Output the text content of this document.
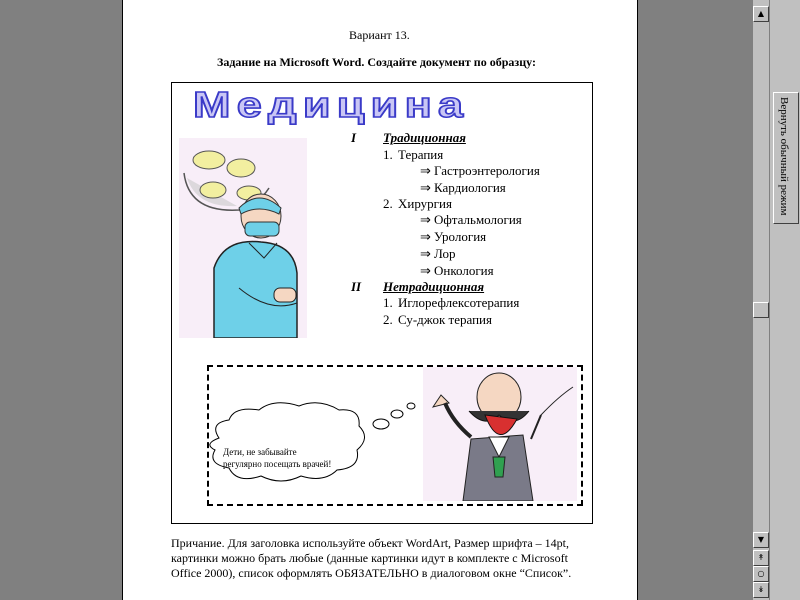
Вариант 13.
Задание на Microsoft Word. Создайте документ по образцу:
Медицина
I Традиционная
1. Терапия
⇒ Гастроэнтерология
⇒ Кардиология
2. Хирургия
⇒ Офтальмология
⇒ Урология
⇒ Лор
⇒ Онкология
II Нетрадиционная
1. Иглорефлексотерапия
2. Су-джок терапия
Дети, не забывайте регулярно посещать врачей!
Причание. Для заголовка используйте объект WordArt, Размер шрифта – 14pt,
картинки можно брать любые (данные картинки идут в комплекте с Microsoft
Office 2000), список оформлять ОБЯЗАТЕЛЬНО в диалоговом окне “Список”.
▲
▼
↟
○
↡
Вернуть обычный режим
